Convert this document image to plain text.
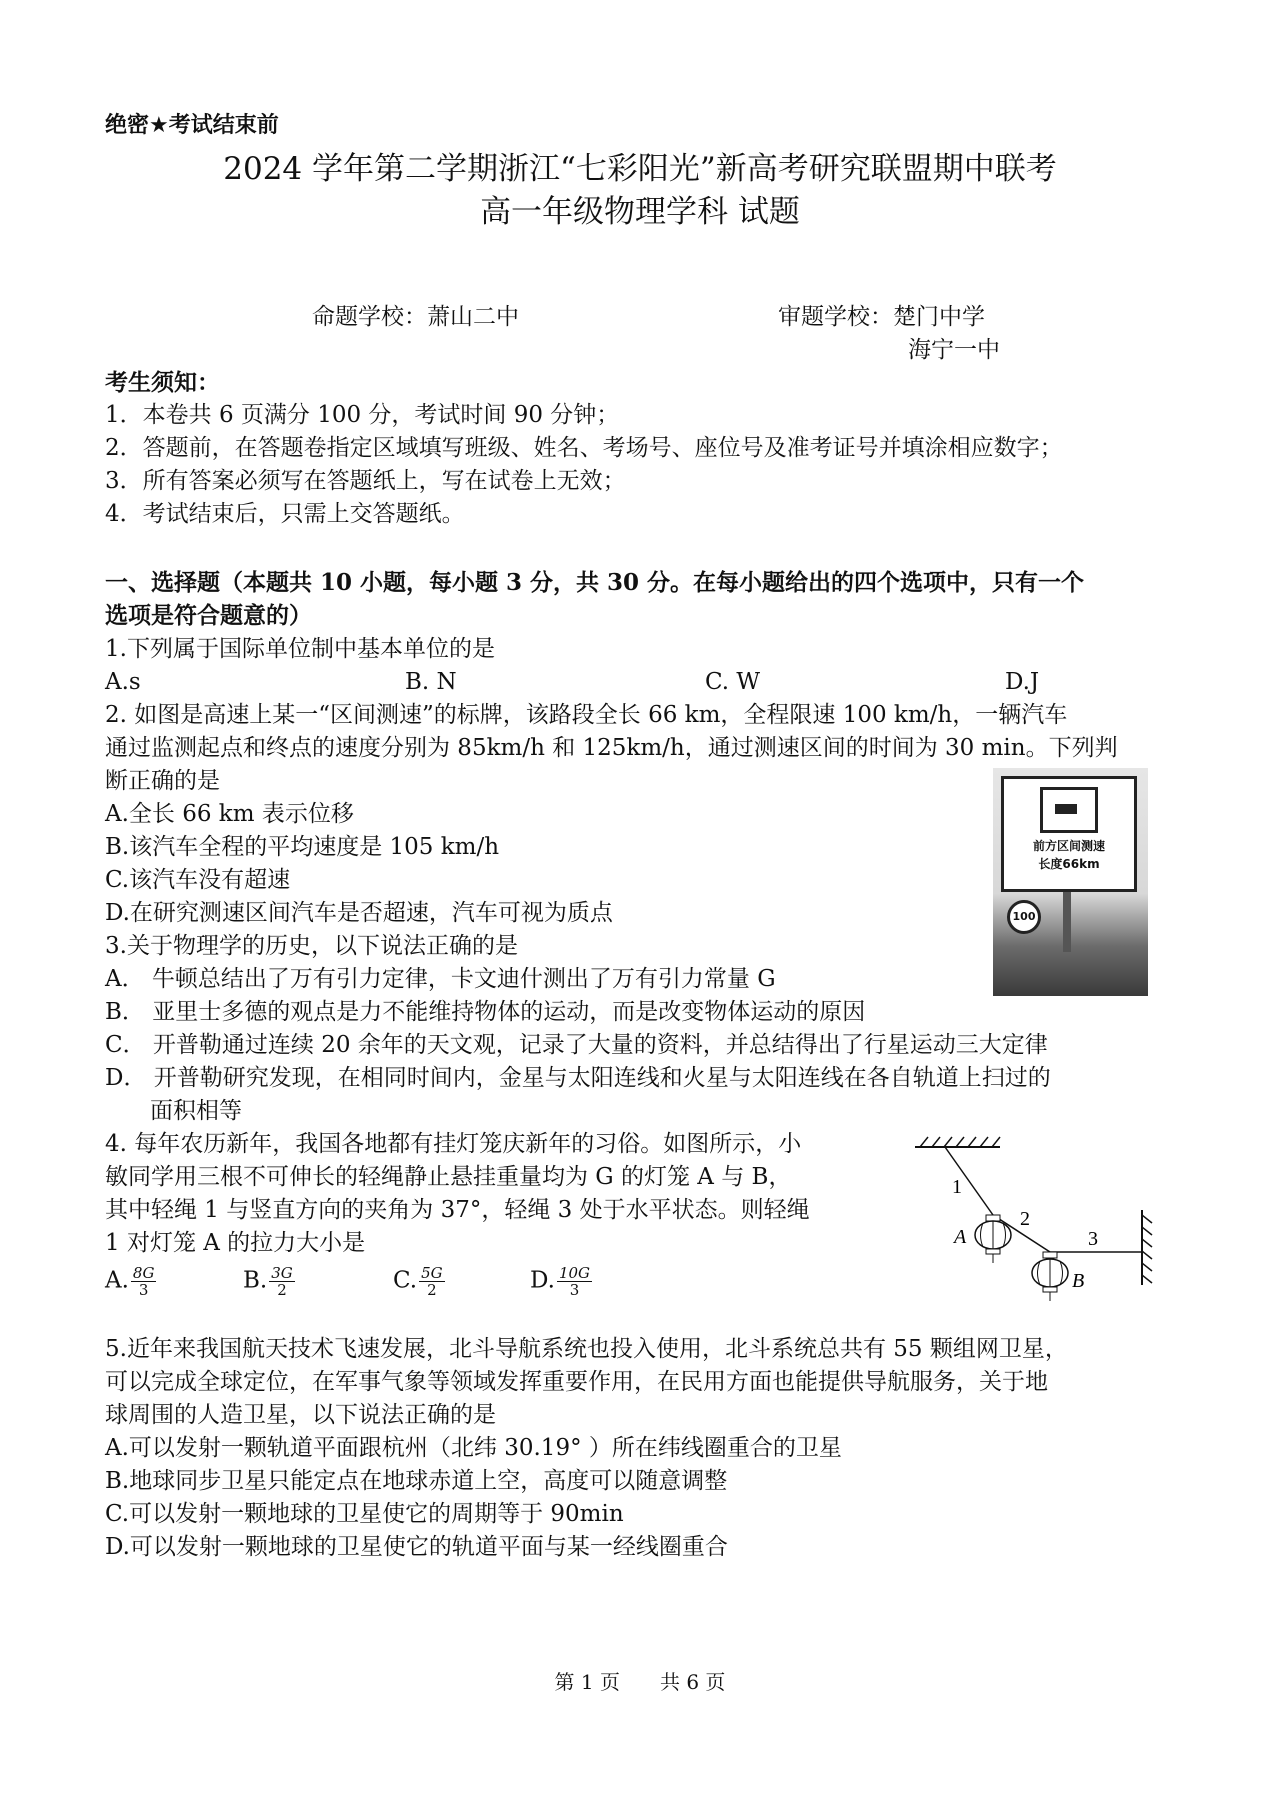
绝密★考试结束前
2024 学年第二学期浙江“七彩阳光”新高考研究联盟期中联考
高一年级物理学科 试题
命题学校：萧山二中	审题学校：楚门中学
海宁一中
考生须知：
1．本卷共 6 页满分 100 分，考试时间 90 分钟；
2．答题前，在答题卷指定区域填写班级、姓名、考场号、座位号及准考证号并填涂相应数字；
3．所有答案必须写在答题纸上，写在试卷上无效；
4．考试结束后，只需上交答题纸。
一、选择题（本题共 10 小题，每小题 3 分，共 30 分。在每小题给出的四个选项中，只有一个
选项是符合题意的）
1.下列属于国际单位制中基本单位的是
A.s	B. N	C. W	D.J
2. 如图是高速上某一“区间测速”的标牌，该路段全长 66 km，全程限速 100 km/h，一辆汽车
通过监测起点和终点的速度分别为 85km/h 和 125km/h，通过测速区间的时间为 30 min。下列判
断正确的是
A.全长 66 km 表示位移
B.该汽车全程的平均速度是 105 km/h
C.该汽车没有超速
D.在研究测速区间汽车是否超速，汽车可视为质点
前方区间测速
长度66km
100
3.关于物理学的历史，以下说法正确的是
A． 牛顿总结出了万有引力定律，卡文迪什测出了万有引力常量 G
B． 亚里士多德的观点是力不能维持物体的运动，而是改变物体运动的原因
C． 开普勒通过连续 20 余年的天文观，记录了大量的资料，并总结得出了行星运动三大定律
D． 开普勒研究发现，在相同时间内，金星与太阳连线和火星与太阳连线在各自轨道上扫过的
面积相等
4. 每年农历新年，我国各地都有挂灯笼庆新年的习俗。如图所示，小
敏同学用三根不可伸长的轻绳静止悬挂重量均为 G 的灯笼 A 与 B，
其中轻绳 1 与竖直方向的夹角为 37°，轻绳 3 处于水平状态。则轻绳
1 对灯笼 A 的拉力大小是
A. $\frac{8G}{3}$	B. $\frac{3G}{2}$	C. $\frac{5G}{2}$	D. $\frac{10G}{3}$
1
2
3
A
B
5.近年来我国航天技术飞速发展，北斗导航系统也投入使用，北斗系统总共有 55 颗组网卫星，
可以完成全球定位，在军事气象等领域发挥重要作用，在民用方面也能提供导航服务，关于地
球周围的人造卫星，以下说法正确的是
A.可以发射一颗轨道平面跟杭州（北纬 30.19° ）所在纬线圈重合的卫星
B.地球同步卫星只能定点在地球赤道上空，高度可以随意调整
C.可以发射一颗地球的卫星使它的周期等于 90min
D.可以发射一颗地球的卫星使它的轨道平面与某一经线圈重合
第 1 页　　共 6 页
